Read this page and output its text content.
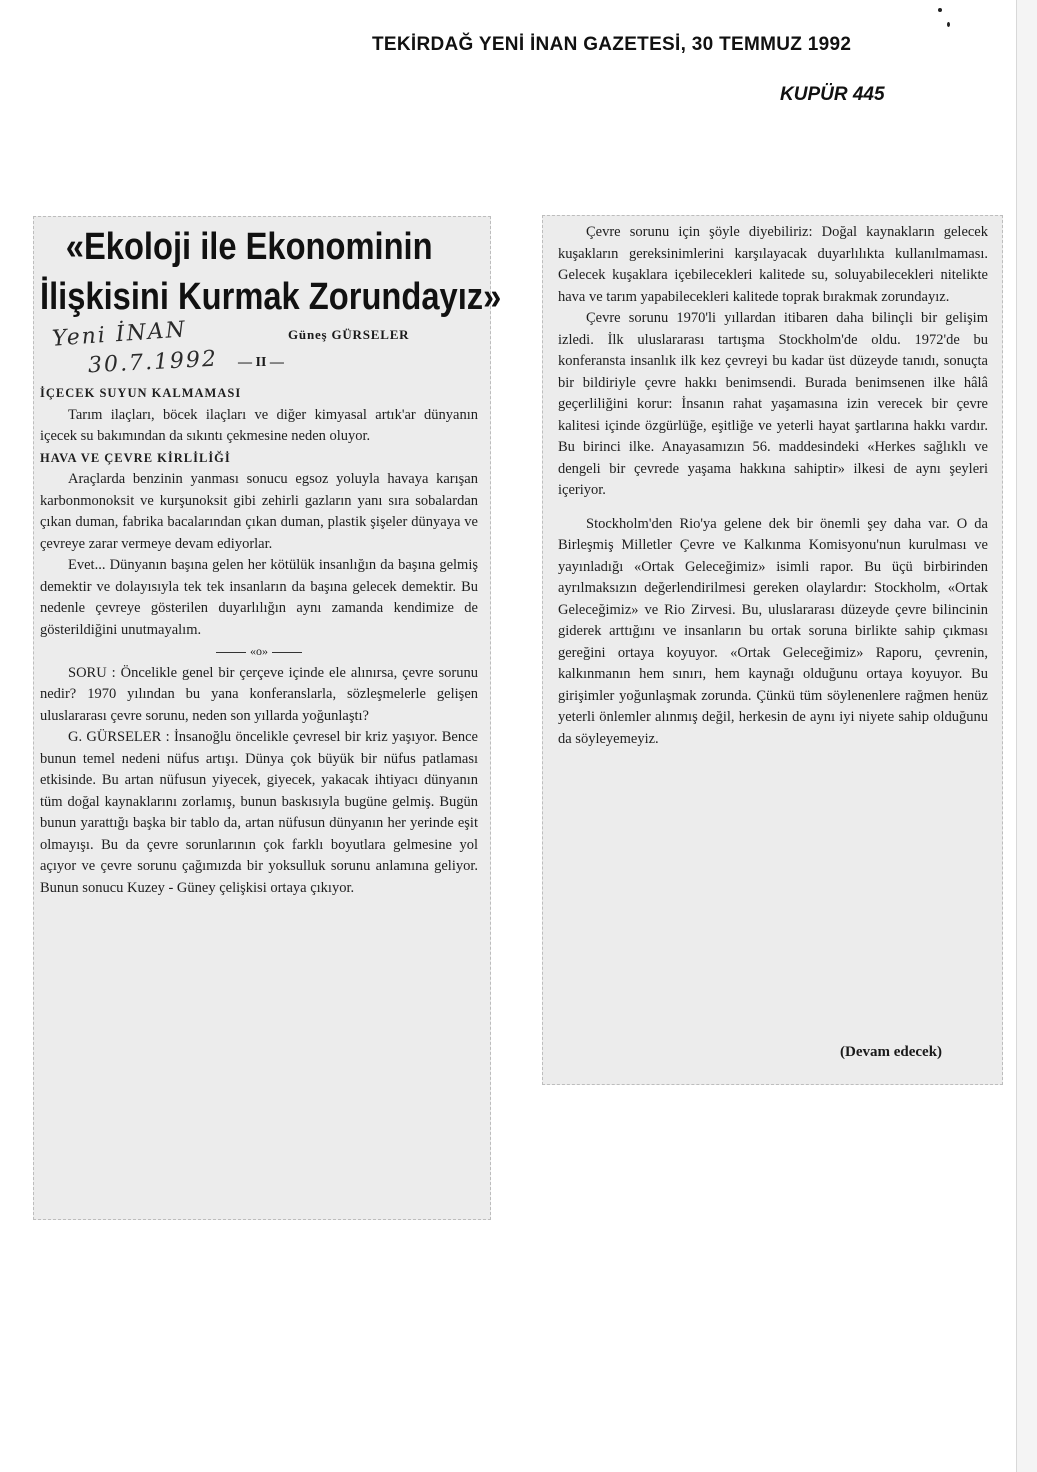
TEKİRDAĞ YENİ İNAN GAZETESİ, 30 TEMMUZ 1992
KUPÜR 445
«Ekoloji ile Ekonominin
İlişkisini Kurmak Zorundayız»
Yeni İNAN
30.7.1992
Güneş GÜRSELER
— II —

İÇECEK SUYUN KALMAMASI

Tarım ilaçları, böcek ilaçları ve diğer kimyasal artık'ar dünyanın içecek su bakımından da sıkıntı çekmesine neden oluyor.

HAVA VE ÇEVRE KİRLİLİĞİ

Araçlarda benzinin yanması sonucu egsoz yoluyla havaya karışan karbonmonoksit ve kurşunoksit gibi zehirli gazların yanı sıra sobalardan çıkan duman, fabrika bacalarından çıkan duman, plastik şişeler dünyaya ve çevreye zarar vermeye devam ediyorlar.

Evet... Dünyanın başına gelen her kötülük insanlığın da başına gelmiş demektir ve dolayısıyla tek tek insanların da başına gelecek demektir. Bu nedenle çevreye gösterilen duyarlılığın aynı zamanda kendimize de gösterildiğini unutmayalım.

«o»

SORU : Öncelikle genel bir çerçeve içinde ele alınırsa, çevre sorunu nedir? 1970 yılından bu yana konferanslarla, sözleşmelerle gelişen uluslararası çevre sorunu, neden son yıllarda yoğunlaştı?

G. GÜRSELER : İnsanoğlu öncelikle çevresel bir kriz yaşıyor. Bence bunun temel nedeni nüfus artışı. Dünya çok büyük bir nüfus patlaması etkisinde. Bu artan nüfusun yiyecek, giyecek, yakacak ihtiyacı dünyanın tüm doğal kaynaklarını zorlamış, bunun baskısıyla bugüne gelmiş. Bugün bunun yarattığı başka bir tablo da, artan nüfusun dünyanın her yerinde eşit olmayışı. Bu da çevre sorunlarının çok farklı boyutlara gelmesine yol açıyor ve çevre sorunu çağımızda bir yoksulluk sorunu anlamına geliyor. Bunun sonucu Kuzey - Güney çelişkisi ortaya çıkıyor.

Çevre sorunu için şöyle diyebiliriz: Doğal kaynakların gelecek kuşakların gereksinimlerini karşılayacak duyarlılıkta kullanılmaması. Gelecek kuşaklara içebilecekleri kalitede su, soluyabilecekleri nitelikte hava ve tarım yapabilecekleri kalitede toprak bırakmak zorundayız.

Çevre sorunu 1970'li yıllardan itibaren daha bilinçli bir gelişim izledi. İlk uluslararası tartışma Stockholm'de oldu. 1972'de bu konferansta insanlık ilk kez çevreyi bu kadar üst düzeyde tanıdı, sonuçta bir bildiriyle çevre hakkı benimsendi. Burada benimsenen ilke hâlâ geçerliliğini korur: İnsanın rahat yaşamasına izin verecek bir çevre kalitesi içinde özgürlüğe, eşitliğe ve yeterli hayat şartlarına hakkı vardır. Bu birinci ilke. Anayasamızın 56. maddesindeki «Herkes sağlıklı ve dengeli bir çevrede yaşama hakkına sahiptir» ilkesi de aynı şeyleri içeriyor.

Stockholm'den Rio'ya gelene dek bir önemli şey daha var. O da Birleşmiş Milletler Çevre ve Kalkınma Komisyonu'nun kurulması ve yayınladığı «Ortak Geleceğimiz» isimli rapor. Bu üçü birbirinden ayrılmaksızın değerlendirilmesi gereken olaylardır: Stockholm, «Ortak Geleceğimiz» ve Rio Zirvesi. Bu, uluslararası düzeyde çevre bilincinin giderek arttığını ve insanların bu ortak soruna birlikte sahip çıkması gereğini ortaya koyuyor. «Ortak Geleceğimiz» Raporu, çevrenin, kalkınmanın hem sınırı, hem kaynağı olduğunu ortaya koyuyor. Bu girişimler yoğunlaşmak zorunda. Çünkü tüm söylenenlere rağmen henüz yeterli önlemler alınmış değil, herkesin de aynı iyi niyete sahip olduğunu da söyleyemeyiz.

(Devam edecek)
